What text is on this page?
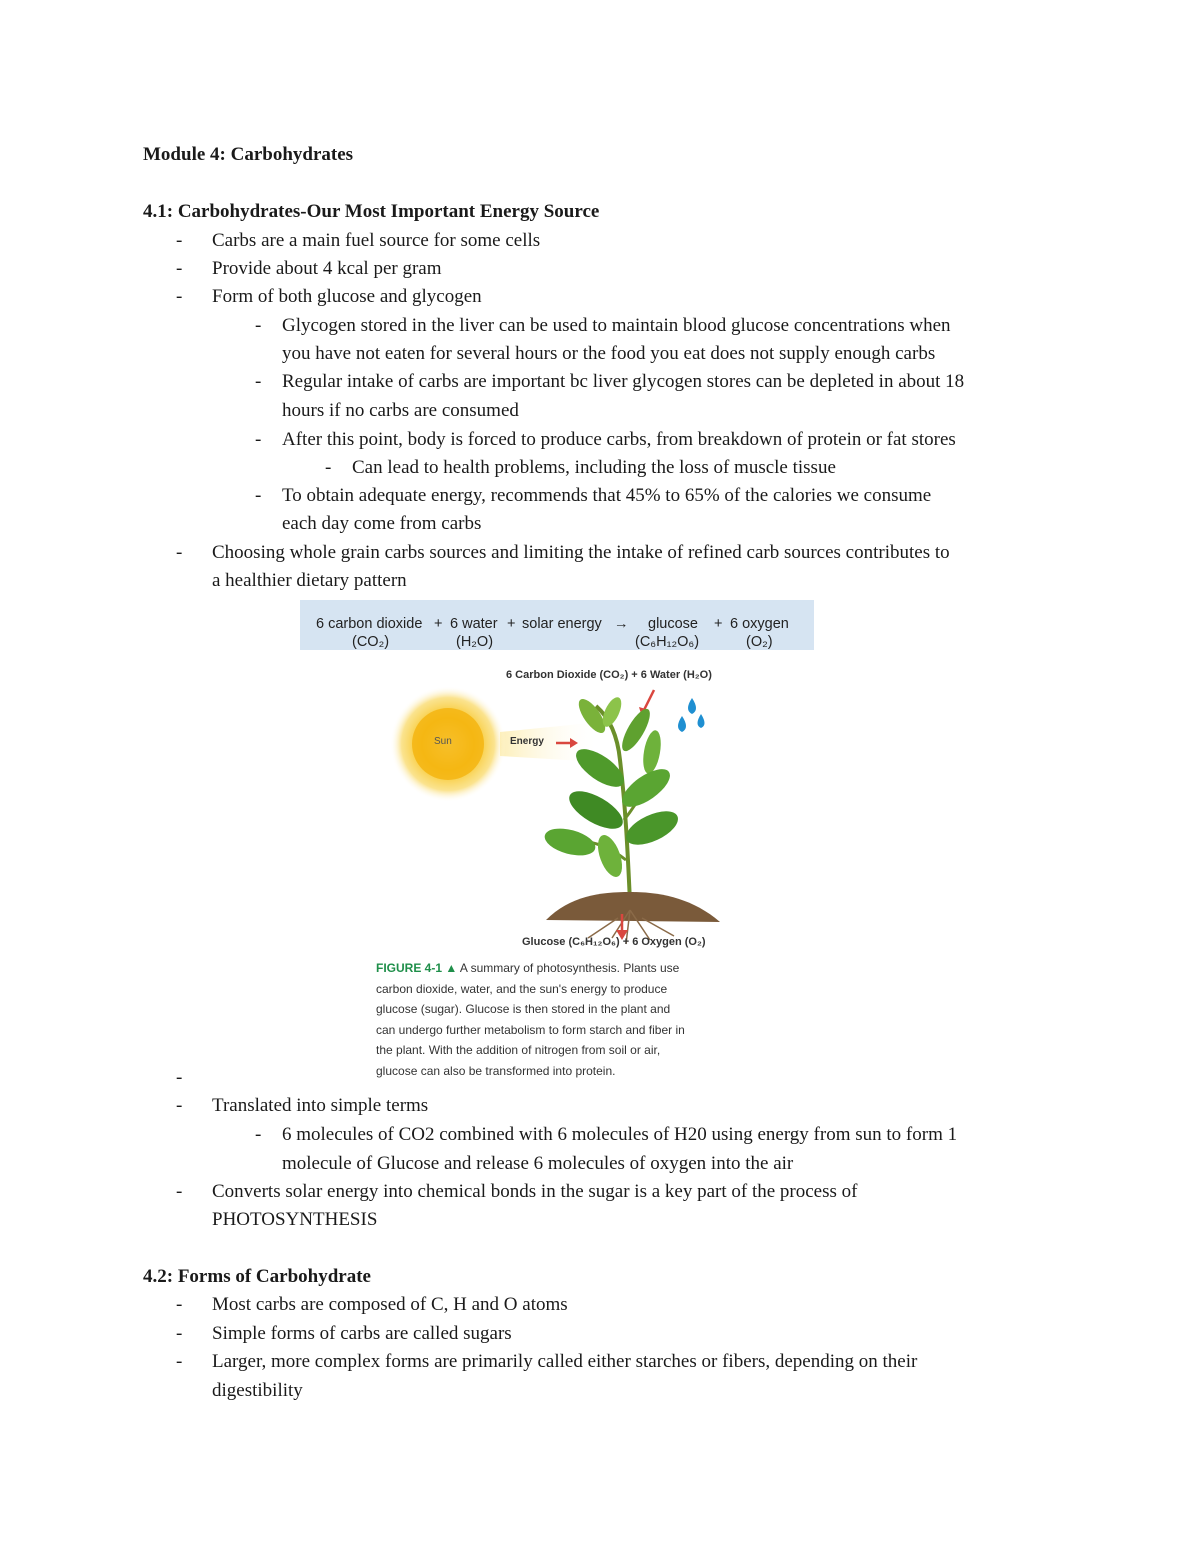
Module 4: Carbohydrates
4.1: Carbohydrates-Our Most Important Energy Source
- Carbs are a main fuel source for some cells
- Provide about 4 kcal per gram
- Form of both glucose and glycogen
- Glycogen stored in the liver can be used to maintain blood glucose concentrations when
you have not eaten for several hours or the food you eat does not supply enough carbs
- Regular intake of carbs are important bc liver glycogen stores can be depleted in about 18
hours if no carbs are consumed
- After this point, body is forced to produce carbs, from breakdown of protein or fat stores
- Can lead to health problems, including the loss of muscle tissue
- To obtain adequate energy, recommends that 45% to 65% of the calories we consume
each day come from carbs
- Choosing whole grain carbs sources and limiting the intake of refined carb sources contributes to
a healthier dietary pattern
6 carbon dioxide + 6 water + solar energy → glucose + 6 oxygen
(CO₂)	(H₂O)	(C₆H₁₂O₆)	(O₂)
6 Carbon Dioxide (CO₂) + 6 Water (H₂O)
Sun	Energy
Glucose (C₆H₁₂O₆) + 6 Oxygen (O₂)
FIGURE 4-1 ▲ A summary of photosynthesis. Plants use
carbon dioxide, water, and the sun's energy to produce
glucose (sugar). Glucose is then stored in the plant and
can undergo further metabolism to form starch and fiber in
the plant. With the addition of nitrogen from soil or air,
glucose can also be transformed into protein.
-
- Translated into simple terms
- 6 molecules of CO2 combined with 6 molecules of H20 using energy from sun to form 1
molecule of Glucose and release 6 molecules of oxygen into the air
- Converts solar energy into chemical bonds in the sugar is a key part of the process of
PHOTOSYNTHESIS
4.2: Forms of Carbohydrate
- Most carbs are composed of C, H and O atoms
- Simple forms of carbs are called sugars
- Larger, more complex forms are primarily called either starches or fibers, depending on their
digestibility
